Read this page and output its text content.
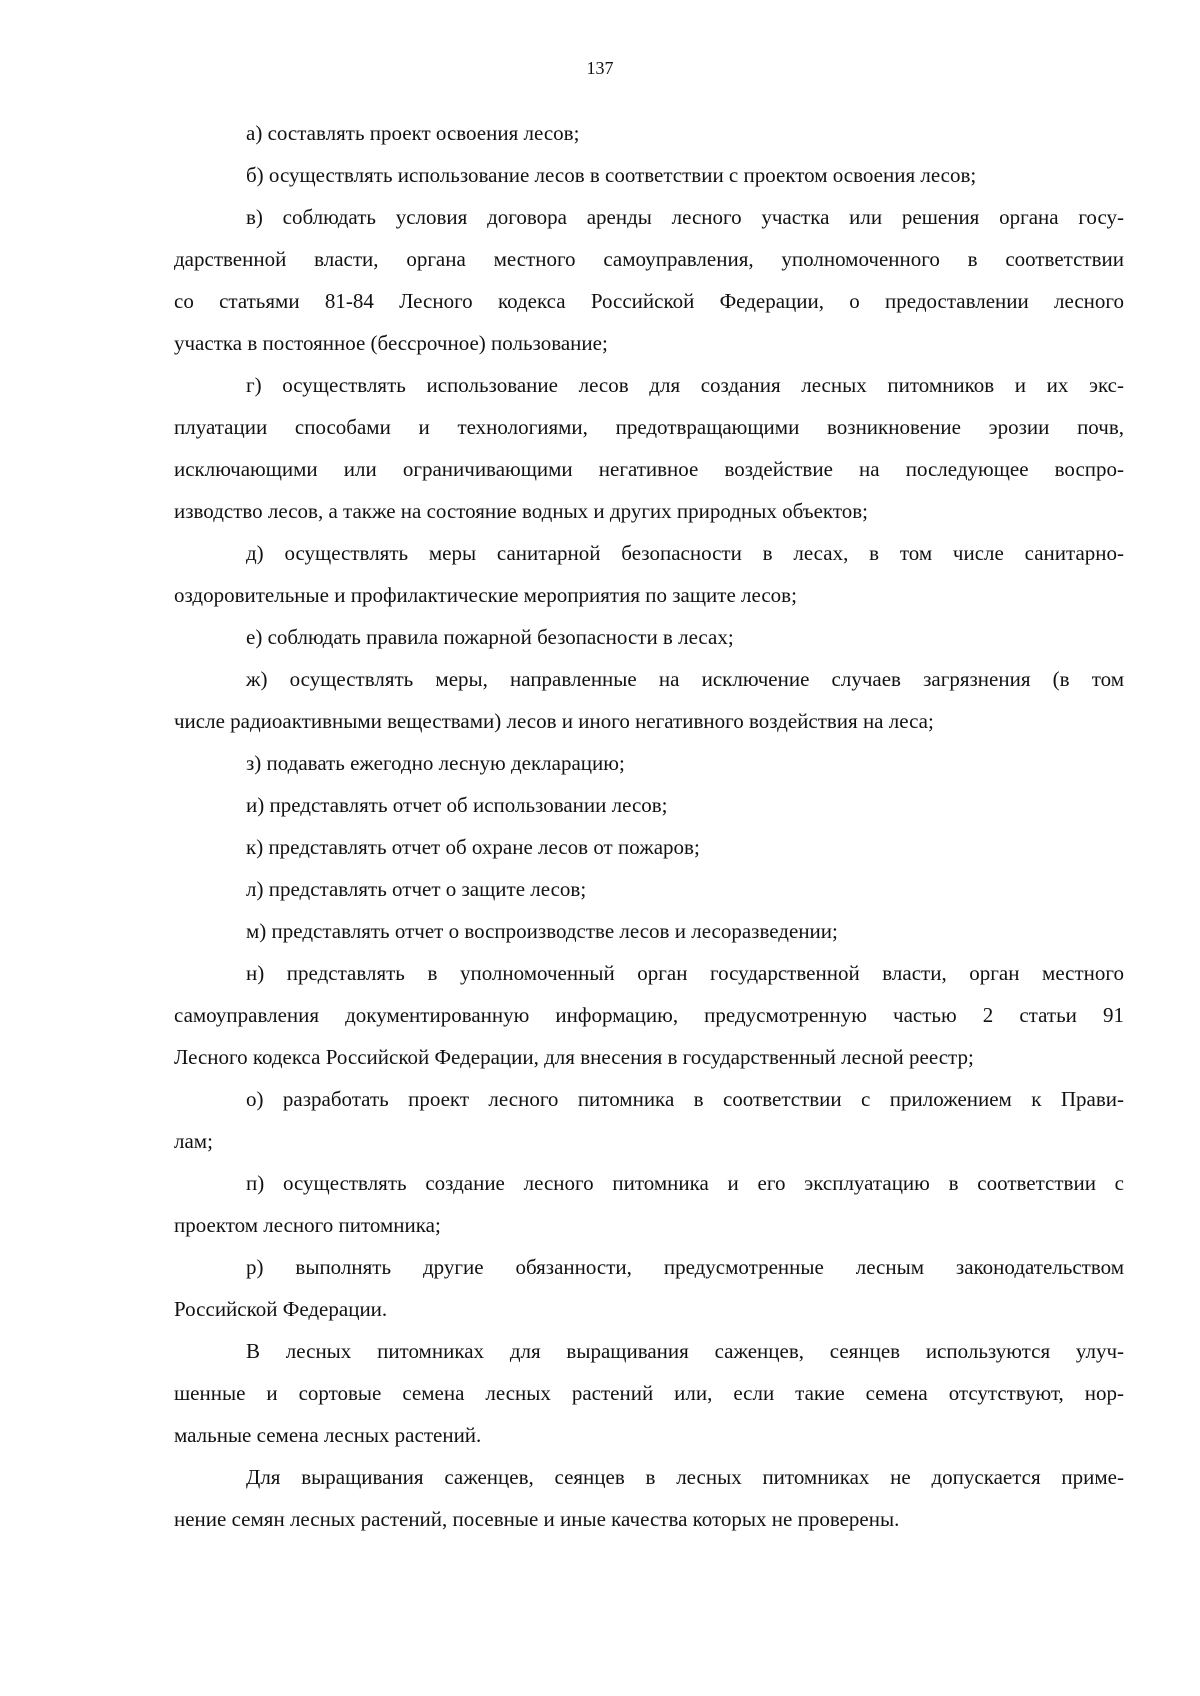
137
а) составлять проект освоения лесов;
б) осуществлять использование лесов в соответствии с проектом освоения лесов;
в) соблюдать условия договора аренды лесного участка или решения органа госу-
дарственной власти, органа местного самоуправления, уполномоченного в соответствии
со статьями 81-84 Лесного кодекса Российской Федерации, о предоставлении лесного
участка в постоянное (бессрочное) пользование;
г) осуществлять использование лесов для создания лесных питомников и их экс-
плуатации способами и технологиями, предотвращающими возникновение эрозии почв,
исключающими или ограничивающими негативное воздействие на последующее воспро-
изводство лесов, а также на состояние водных и других природных объектов;
д) осуществлять меры санитарной безопасности в лесах, в том числе санитарно-
оздоровительные и профилактические мероприятия по защите лесов;
е) соблюдать правила пожарной безопасности в лесах;
ж) осуществлять меры, направленные на исключение случаев загрязнения (в том
числе радиоактивными веществами) лесов и иного негативного воздействия на леса;
з) подавать ежегодно лесную декларацию;
и) представлять отчет об использовании лесов;
к) представлять отчет об охране лесов от пожаров;
л) представлять отчет о защите лесов;
м) представлять отчет о воспроизводстве лесов и лесоразведении;
н) представлять в уполномоченный орган государственной власти, орган местного
самоуправления документированную информацию, предусмотренную частью 2 статьи 91
Лесного кодекса Российской Федерации, для внесения в государственный лесной реестр;
о) разработать проект лесного питомника в соответствии с приложением к Прави-
лам;
п) осуществлять создание лесного питомника и его эксплуатацию в соответствии с
проектом лесного питомника;
р) выполнять другие обязанности, предусмотренные лесным законодательством
Российской Федерации.
В лесных питомниках для выращивания саженцев, сеянцев используются улуч-
шенные и сортовые семена лесных растений или, если такие семена отсутствуют, нор-
мальные семена лесных растений.
Для выращивания саженцев, сеянцев в лесных питомниках не допускается приме-
нение семян лесных растений, посевные и иные качества которых не проверены.
